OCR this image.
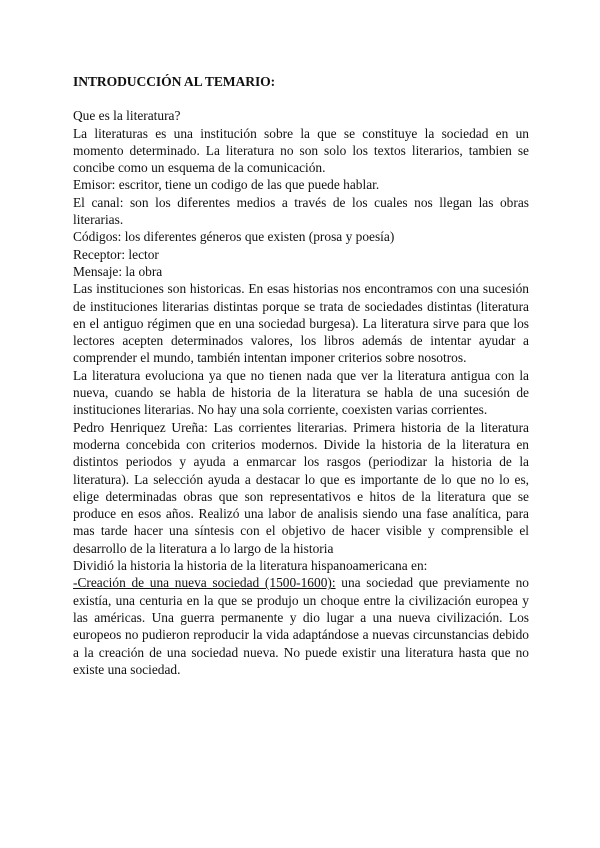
INTRODUCCIÓN AL TEMARIO:

Que es la literatura?

La literaturas es una institución sobre la que se constituye la sociedad en un momento determinado. La literatura no son solo los textos literarios, tambien se concibe como un esquema de la comunicación.

Emisor: escritor, tiene un codigo de las que puede hablar.

El canal: son los diferentes medios a través de los cuales nos llegan las obras literarias.

Códigos: los diferentes géneros que existen (prosa y poesía)

Receptor: lector

Mensaje: la obra

Las instituciones son historicas. En esas historias nos encontramos con una sucesión de instituciones literarias distintas porque se trata de sociedades distintas (literatura en el antiguo régimen que en una sociedad burgesa). La literatura sirve para que los lectores acepten determinados valores, los libros además de intentar ayudar a comprender el mundo, también intentan imponer criterios sobre nosotros.

La literatura evoluciona ya que no tienen nada que ver la literatura antigua con la nueva, cuando se habla de historia de la literatura se habla de una sucesión de instituciones literarias. No hay una sola corriente, coexisten varias corrientes.

Pedro Henriquez Ureña: Las corrientes literarias. Primera historia de la literatura moderna concebida con criterios modernos. Divide la historia de la literatura en distintos periodos y ayuda a enmarcar los rasgos (periodizar la historia de la literatura). La selección ayuda a destacar lo que es importante de lo que no lo es, elige determinadas obras que son representativos e hitos de la literatura que se produce en esos años. Realizó una labor de analisis siendo una fase analítica, para mas tarde hacer una síntesis con el objetivo de hacer visible y comprensible el desarrollo de la literatura a lo largo de la historia

Dividió la historia la historia de la literatura hispanoamericana en:

-Creación de una nueva sociedad (1500-1600): una sociedad que previamente no existía, una centuria en la que se produjo un choque entre la civilización europea y las américas. Una guerra permanente y dio lugar a una nueva civilización. Los europeos no pudieron reproducir la vida adaptándose a nuevas circunstancias debido a la creación de una sociedad nueva. No puede existir una literatura hasta que no existe una sociedad.
